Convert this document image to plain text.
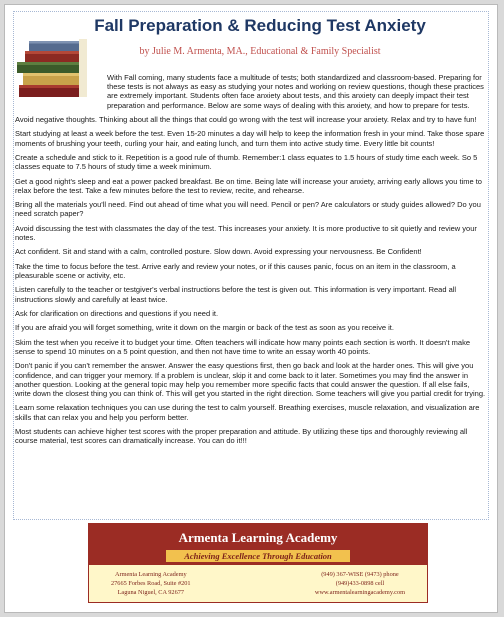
Fall Preparation & Reducing Test Anxiety
by Julie M. Armenta, MA., Educational & Family Specialist

With Fall coming, many students face a multitude of tests; both standardized and classroom-based. Preparing for these tests is not always as easy as studying your notes and working on review questions, though these practices are extremely important. Students often face anxiety about tests, and this anxiety can deeply impact their test preparation and performance. Below are some ways of dealing with this anxiety, and how to prepare for tests.

Avoid negative thoughts. Thinking about all the things that could go wrong with the test will increase your anxiety. Relax and try to have fun!

Start studying at least a week before the test. Even 15-20 minutes a day will help to keep the information fresh in your mind. Take those spare moments of brushing your teeth, curling your hair, and eating lunch, and turn them into active study time. Every little bit counts!

Create a schedule and stick to it. Repetition is a good rule of thumb. Remember:1 class equates to 1.5 hours of study time each week. So 5 classes equate to 7.5 hours of study time a week minimum.

Get a good night's sleep and eat a power packed breakfast. Be on time. Being late will increase your anxiety, arriving early allows you time to relax before the test. Take a few minutes before the test to review, recite, and rehearse.

Bring all the materials you'll need. Find out ahead of time what you will need. Pencil or pen? Are calculators or study guides allowed? Do you need scratch paper?

Avoid discussing the test with classmates the day of the test. This increases your anxiety. It is more productive to sit quietly and review your notes.

Act confident. Sit and stand with a calm, controlled posture. Slow down. Avoid expressing your nervousness. Be Confident!

Take the time to focus before the test. Arrive early and review your notes, or if this causes panic, focus on an item in the classroom, a pleasurable scene or activity, etc.

Listen carefully to the teacher or testgiver's verbal instructions before the test is given out. This information is very important. Read all instructions slowly and carefully at least twice.

Ask for clarification on directions and questions if you need it.

If you are afraid you will forget something, write it down on the margin or back of the test as soon as you receive it.

Skim the test when you receive it to budget your time. Often teachers will indicate how many points each section is worth. It doesn't make sense to spend 10 minutes on a 5 point question, and then not have time to write an essay worth 40 points.

Don't panic if you can't remember the answer. Answer the easy questions first, then go back and look at the harder ones. This will give you confidence, and can trigger your memory. If a problem is unclear, skip it and come back to it later. Sometimes you may find the answer in another question. Looking at the general topic may help you remember more specific facts that could answer the question. If all else fails, write down the closest thing you can think of. This will get you started in the right direction. Some teachers will give you partial credit for trying.

Learn some relaxation techniques you can use during the test to calm yourself. Breathing exercises, muscle relaxation, and visualization are skills that can relax you and help you perform better.

Most students can achieve higher test scores with the proper preparation and attitude. By utilizing these tips and thoroughly reviewing all course material, test scores can dramatically increase. You can do it!!!

Armenta Learning Academy
Achieving Excellence Through Education
Armenta Learning Academy
27665 Forbes Road, Suite #201
Laguna Niguel, CA 92677
(949) 367-WISE (9473) phone
(949)433-0898 cell
www.armentalearningacademy.com
